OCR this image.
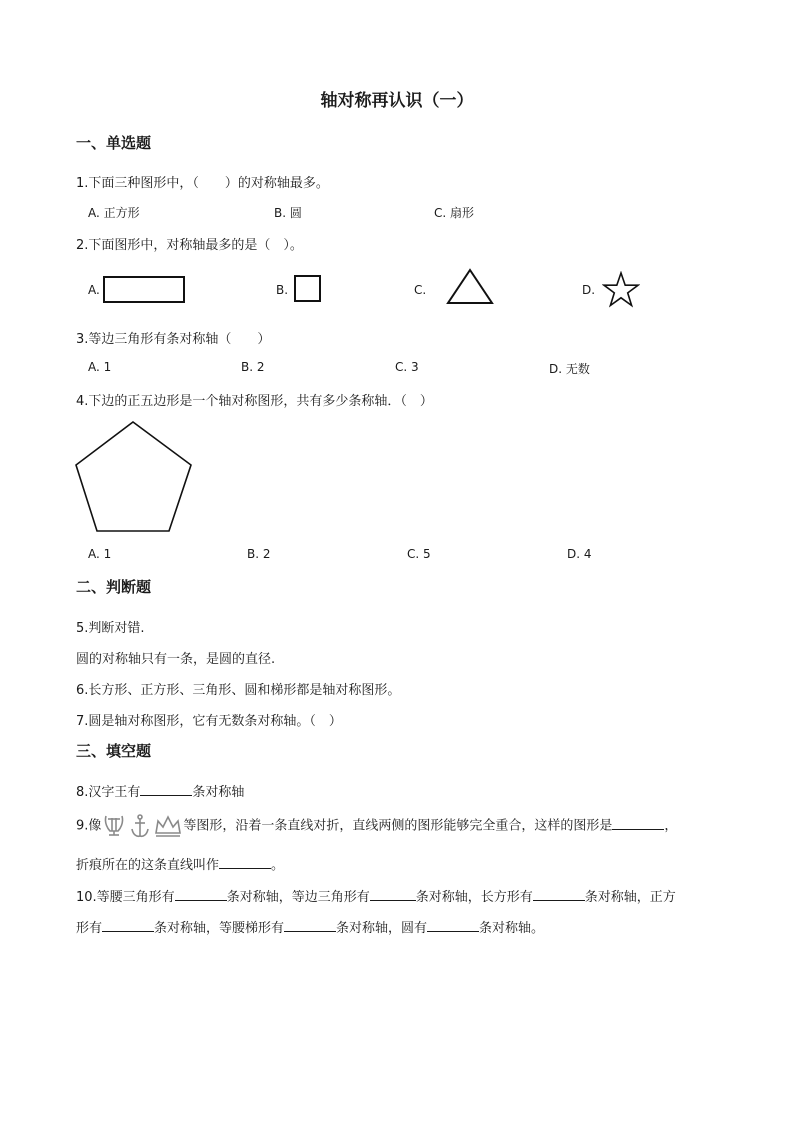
轴对称再认识（一）
一、单选题
1.下面三种图形中，（　　）的对称轴最多。
A. 正方形	B. 圆	C. 扇形
2.下面图形中，对称轴最多的是（　）。
A.	B.	C.	D.
3.等边三角形有条对称轴（　　）
A. 1	B. 2	C. 3	D. 无数
4.下边的正五边形是一个轴对称图形，共有多少条称轴．（　）
A. 1	B. 2	C. 5	D. 4
二、判断题
5.判断对错.
圆的对称轴只有一条，是圆的直径.
6.长方形、正方形、三角形、圆和梯形都是轴对称图形。
7.圆是轴对称图形，它有无数条对称轴。（　）
三、填空题
8.汉字王有	条对称轴
9.像	等图形，沿着一条直线对折，直线两侧的图形能够完全重合，这样的图形是	，
折痕所在的这条直线叫作	。
10.等腰三角形有	条对称轴，等边三角形有	条对称轴，长方形有	条对称轴，正方
形有	条对称轴，等腰梯形有	条对称轴，圆有	条对称轴。
